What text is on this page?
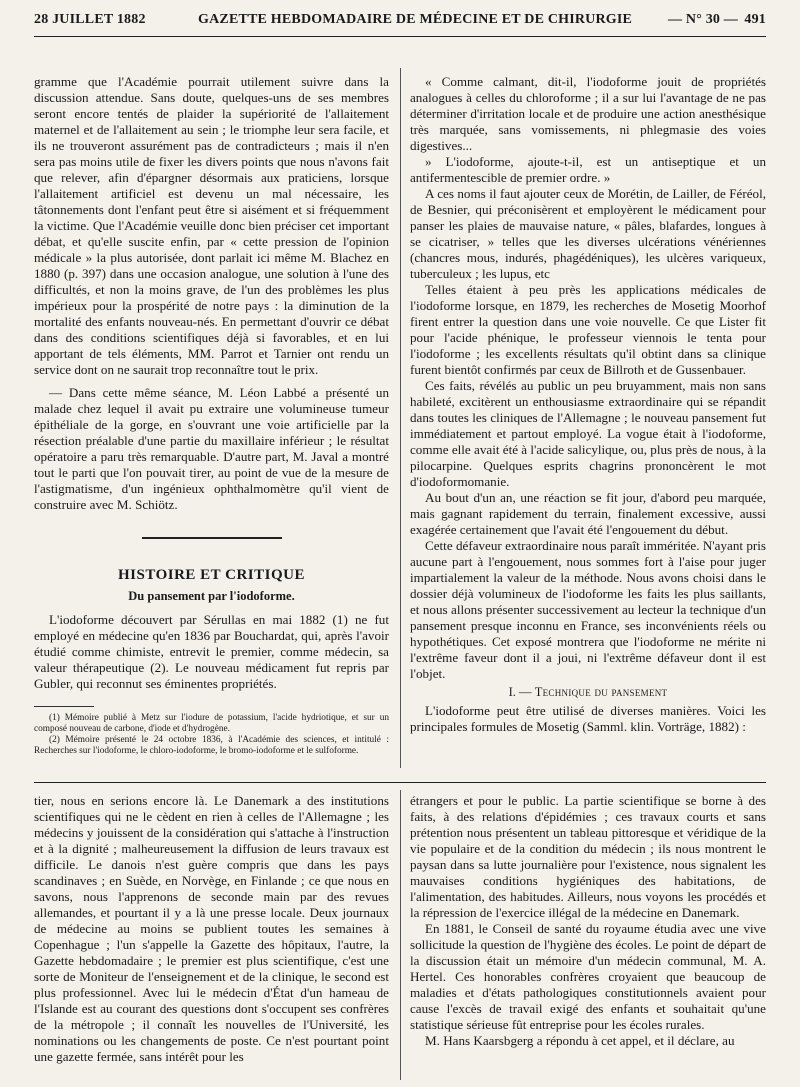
28 JUILLET 1882	GAZETTE HEBDOMADAIRE DE MÉDECINE ET DE CHIRURGIE	— N° 30 — 491

gramme que l'Académie pourrait utilement suivre dans la discussion attendue. Sans doute, quelques-uns de ses membres seront encore tentés de plaider la supériorité de l'allaitement maternel et de l'allaitement au sein ; le triomphe leur sera facile, et ils ne trouveront assurément pas de contradicteurs ; mais il n'en sera pas moins utile de fixer les divers points que nous n'avons fait que relever, afin d'épargner désormais aux praticiens, lorsque l'allaitement artificiel est devenu un mal nécessaire, les tâtonnements dont l'enfant peut être si aisément et si fréquemment la victime. Que l'Académie veuille donc bien préciser cet important débat, et qu'elle suscite enfin, par « cette pression de l'opinion médicale » la plus autorisée, dont parlait ici même M. Blachez en 1880 (p. 397) dans une occasion analogue, une solution à l'une des difficultés, et non la moins grave, de l'un des problèmes les plus impérieux pour la prospérité de notre pays : la diminution de la mortalité des enfants nouveau-nés. En permettant d'ouvrir ce débat dans des conditions scientifiques déjà si favorables, et en lui apportant de tels éléments, MM. Parrot et Tarnier ont rendu un service dont on ne saurait trop reconnaître tout le prix.

— Dans cette même séance, M. Léon Labbé a présenté un malade chez lequel il avait pu extraire une volumineuse tumeur épithéliale de la gorge, en s'ouvrant une voie artificielle par la résection préalable d'une partie du maxillaire inférieur ; le résultat opératoire a paru très remarquable. D'autre part, M. Javal a montré tout le parti que l'on pouvait tirer, au point de vue de la mesure de l'astigmatisme, d'un ingénieux ophthalmomètre qu'il vient de construire avec M. Schiötz.

HISTOIRE ET CRITIQUE
Du pansement par l'iodoforme.

L'iodoforme découvert par Sérullas en mai 1882 (1) ne fut employé en médecine qu'en 1836 par Bouchardat, qui, après l'avoir étudié comme chimiste, entrevit le premier, comme médecin, sa valeur thérapeutique (2). Le nouveau médicament fut repris par Gubler, qui reconnut ses éminentes propriétés.

(1) Mémoire publié à Metz sur l'iodure de potassium, l'acide hydriotique, et sur un composé nouveau de carbone, d'iode et d'hydrogène.

(2) Mémoire présenté le 24 octobre 1836, à l'Académie des sciences, et intitulé : Recherches sur l'iodoforme, le chloro-iodoforme, le bromo-iodoforme et le sulfoforme.

« Comme calmant, dit-il, l'iodoforme jouit de propriétés analogues à celles du chloroforme ; il a sur lui l'avantage de ne pas déterminer d'irritation locale et de produire une action anesthésique très marquée, sans vomissements, ni phlegmasie des voies digestives...

» L'iodoforme, ajoute-t-il, est un antiseptique et un antifermentescible de premier ordre. »

A ces noms il faut ajouter ceux de Morétin, de Lailler, de Féréol, de Besnier, qui préconisèrent et employèrent le médicament pour panser les plaies de mauvaise nature, « pâles, blafardes, longues à se cicatriser, » telles que les diverses ulcérations vénériennes (chancres mous, indurés, phagédéniques), les ulcères variqueux, tuberculeux ; les lupus, etc

Telles étaient à peu près les applications médicales de l'iodoforme lorsque, en 1879, les recherches de Mosetig Moorhof firent entrer la question dans une voie nouvelle. Ce que Lister fit pour l'acide phénique, le professeur viennois le tenta pour l'iodoforme ; les excellents résultats qu'il obtint dans sa clinique furent bientôt confirmés par ceux de Billroth et de Gussenbauer.

Ces faits, révélés au public un peu bruyamment, mais non sans habileté, excitèrent un enthousiasme extraordinaire qui se répandit dans toutes les cliniques de l'Allemagne ; le nouveau pansement fut immédiatement et partout employé. La vogue était à l'iodoforme, comme elle avait été à l'acide salicylique, ou, plus près de nous, à la pilocarpine. Quelques esprits chagrins prononcèrent le mot d'iodoformomanie.

Au bout d'un an, une réaction se fit jour, d'abord peu marquée, mais gagnant rapidement du terrain, finalement excessive, aussi exagérée certainement que l'avait été l'engouement du début.

Cette défaveur extraordinaire nous paraît imméritée. N'ayant pris aucune part à l'engouement, nous sommes fort à l'aise pour juger impartialement la valeur de la méthode. Nous avons choisi dans le dossier déjà volumineux de l'iodoforme les faits les plus saillants, et nous allons présenter successivement au lecteur la technique d'un pansement presque inconnu en France, ses inconvénients réels ou hypothétiques. Cet exposé montrera que l'iodoforme ne mérite ni l'extrême faveur dont il a joui, ni l'extrême défaveur dont il est l'objet.

I. — Technique du pansement

L'iodoforme peut être utilisé de diverses manières. Voici les principales formules de Mosetig (Samml. klin. Vorträge, 1882) :

tier, nous en serions encore là. Le Danemark a des institutions scientifiques qui ne le cèdent en rien à celles de l'Allemagne ; les médecins y jouissent de la considération qui s'attache à l'instruction et à la dignité ; malheureusement la diffusion de leurs travaux est difficile. Le danois n'est guère compris que dans les pays scandinaves ; en Suède, en Norvège, en Finlande ; ce que nous en savons, nous l'apprenons de seconde main par des revues allemandes, et pourtant il y a là une presse locale. Deux journaux de médecine au moins se publient toutes les semaines à Copenhague ; l'un s'appelle la Gazette des hôpitaux, l'autre, la Gazette hebdomadaire ; le premier est plus scientifique, c'est une sorte de Moniteur de l'enseignement et de la clinique, le second est plus professionnel. Avec lui le médecin d'État d'un hameau de l'Islande est au courant des questions dont s'occupent ses confrères de la métropole ; il connaît les nouvelles de l'Université, les nominations ou les changements de poste. Ce n'est pourtant point une gazette fermée, sans intérêt pour les

étrangers et pour le public. La partie scientifique se borne à des faits, à des relations d'épidémies ; ces travaux courts et sans prétention nous présentent un tableau pittoresque et véridique de la vie populaire et de la condition du médecin ; ils nous montrent le paysan dans sa lutte journalière pour l'existence, nous signalent les mauvaises conditions hygiéniques des habitations, de l'alimentation, des habitudes. Ailleurs, nous voyons les procédés et la répression de l'exercice illégal de la médecine en Danemark.

En 1881, le Conseil de santé du royaume étudia avec une vive sollicitude la question de l'hygiène des écoles. Le point de départ de la discussion était un mémoire d'un médecin communal, M. A. Hertel. Ces honorables confrères croyaient que beaucoup de maladies et d'états pathologiques constitutionnels avaient pour cause l'excès de travail exigé des enfants et souhaitait qu'une statistique sérieuse fût entreprise pour les écoles rurales.

M. Hans Kaarsbgerg a répondu à cet appel, et il déclare, au
